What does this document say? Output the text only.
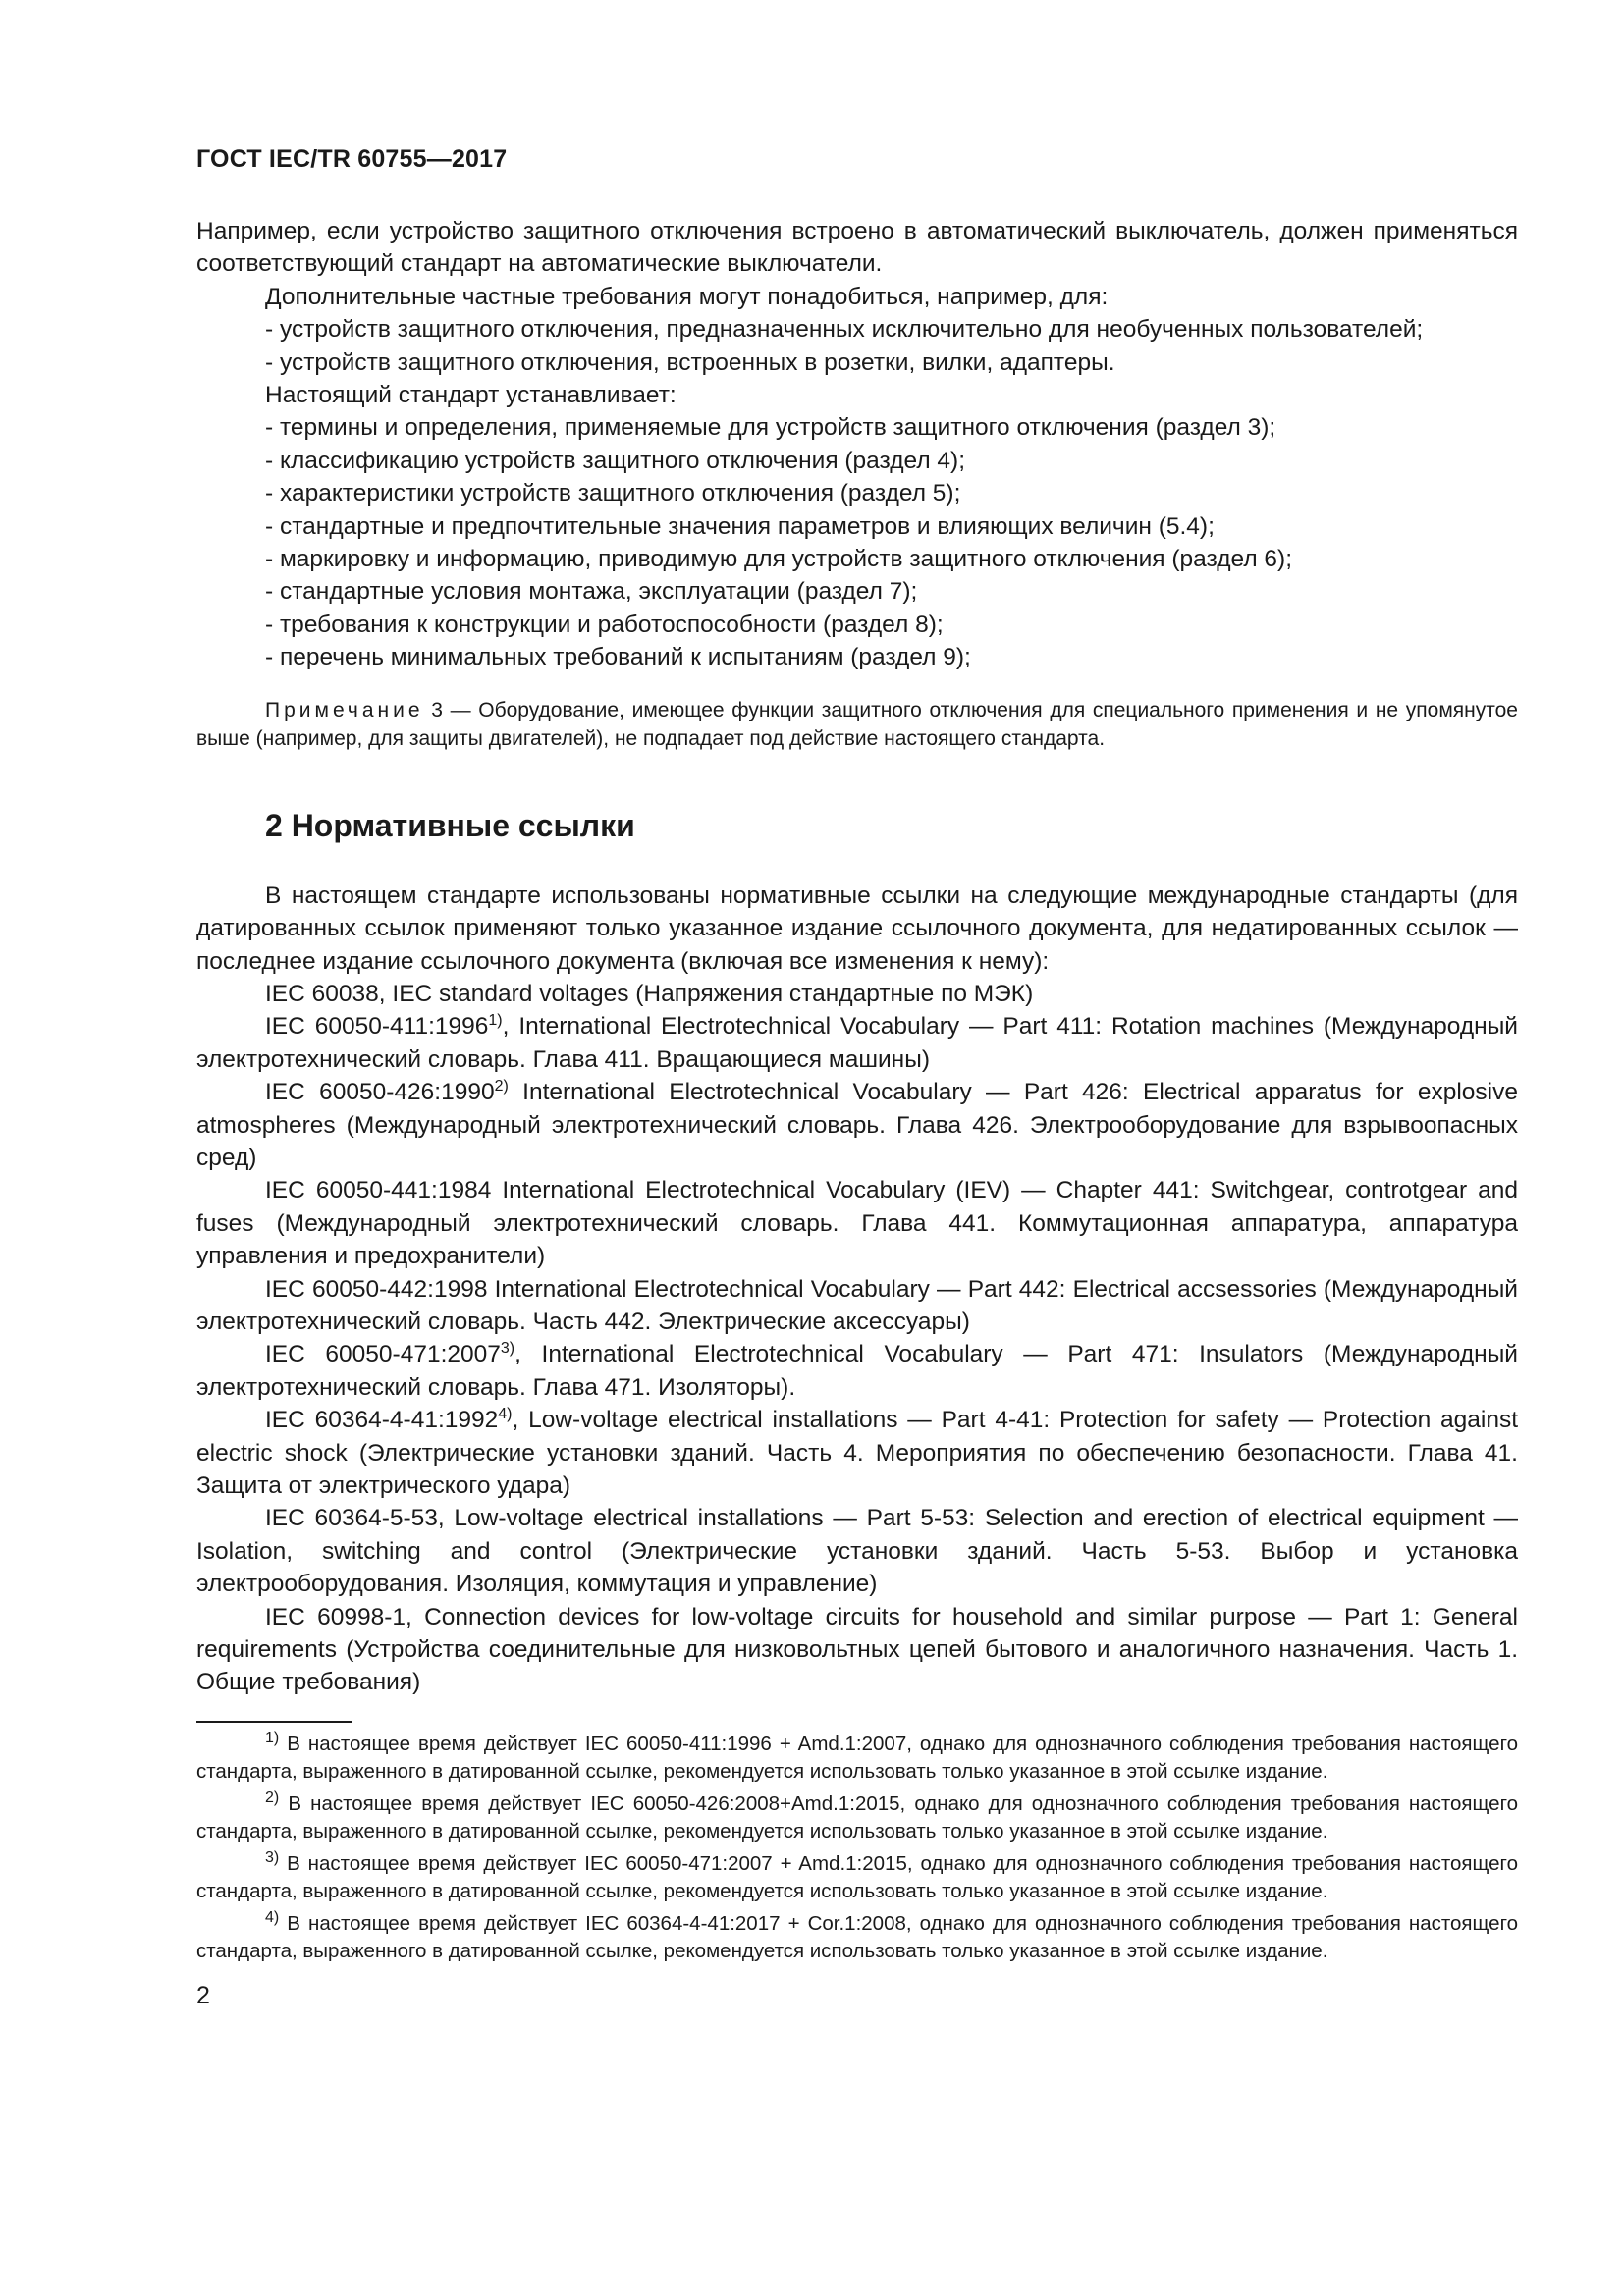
ГОСТ IEC/TR 60755—2017

Например, если устройство защитного отключения встроено в автоматический выключатель, должен применяться соответствующий стандарт на автоматические выключатели.

Дополнительные частные требования могут понадобиться, например, для:

- устройств защитного отключения, предназначенных исключительно для необученных пользователей;

- устройств защитного отключения, встроенных в розетки, вилки, адаптеры.

Настоящий стандарт устанавливает:

- термины и определения, применяемые для устройств защитного отключения (раздел 3);

- классификацию устройств защитного отключения (раздел 4);

- характеристики устройств защитного отключения (раздел 5);

- стандартные и предпочтительные значения параметров и влияющих величин (5.4);

- маркировку и информацию, приводимую для устройств защитного отключения (раздел 6);

- стандартные условия монтажа, эксплуатации (раздел 7);

- требования к конструкции и работоспособности (раздел 8);

- перечень минимальных требований к испытаниям (раздел 9);

Примечание 3 — Оборудование, имеющее функции защитного отключения для специального применения и не упомянутое выше (например, для защиты двигателей), не подпадает под действие настоящего стандарта.
2 Нормативные ссылки

В настоящем стандарте использованы нормативные ссылки на следующие международные стандарты (для датированных ссылок применяют только указанное издание ссылочного документа, для недатированных ссылок — последнее издание ссылочного документа (включая все изменения к нему):

IEC 60038, IEC standard voltages (Напряжения стандартные по МЭК)

IEC 60050-411:1996$^{1)}$, International Electrotechnical Vocabulary — Part 411: Rotation machines (Международный электротехнический словарь. Глава 411. Вращающиеся машины)

IEC 60050-426:1990$^{2)}$ International Electrotechnical Vocabulary — Part 426: Electrical apparatus for explosive atmospheres (Международный электротехнический словарь. Глава 426. Электрооборудование для взрывоопасных сред)

IEC 60050-441:1984 International Electrotechnical Vocabulary (IEV) — Chapter 441: Switchgear, controtgear and fuses (Международный электротехнический словарь. Глава 441. Коммутационная аппаратура, аппаратура управления и предохранители)

IEC 60050-442:1998 International Electrotechnical Vocabulary — Part 442: Electrical accsessories (Международный электротехнический словарь. Часть 442. Электрические аксессуары)

IEC 60050-471:2007$^{3)}$, International Electrotechnical Vocabulary — Part 471: Insulators (Международный электротехнический словарь. Глава 471. Изоляторы).

IEC 60364-4-41:1992$^{4)}$, Low-voltage electrical installations — Part 4-41: Protection for safety — Protection against electric shock (Электрические установки зданий. Часть 4. Мероприятия по обеспечению безопасности. Глава 41. Защита от электрического удара)

IEC 60364-5-53, Low-voltage electrical installations — Part 5-53: Selection and erection of electrical equipment — Isolation, switching and control (Электрические установки зданий. Часть 5-53. Выбор и установка электрооборудования. Изоляция, коммутация и управление)

IEC 60998-1, Connection devices for low-voltage circuits for household and similar purpose — Part 1: General requirements (Устройства соединительные для низковольтных цепей бытового и аналогичного назначения. Часть 1. Общие требования)

$^{1)}$ В настоящее время действует IEC 60050-411:1996 + Amd.1:2007, однако для однозначного соблюдения требования настоящего стандарта, выраженного в датированной ссылке, рекомендуется использовать только указанное в этой ссылке издание.

$^{2)}$ В настоящее время действует IEC 60050-426:2008+Amd.1:2015, однако для однозначного соблюдения требования настоящего стандарта, выраженного в датированной ссылке, рекомендуется использовать только указанное в этой ссылке издание.

$^{3)}$ В настоящее время действует IEC 60050-471:2007 + Amd.1:2015, однако для однозначного соблюдения требования настоящего стандарта, выраженного в датированной ссылке, рекомендуется использовать только указанное в этой ссылке издание.

$^{4)}$ В настоящее время действует IEC 60364-4-41:2017 + Cor.1:2008, однако для однозначного соблюдения требования настоящего стандарта, выраженного в датированной ссылке, рекомендуется использовать только указанное в этой ссылке издание.

2
